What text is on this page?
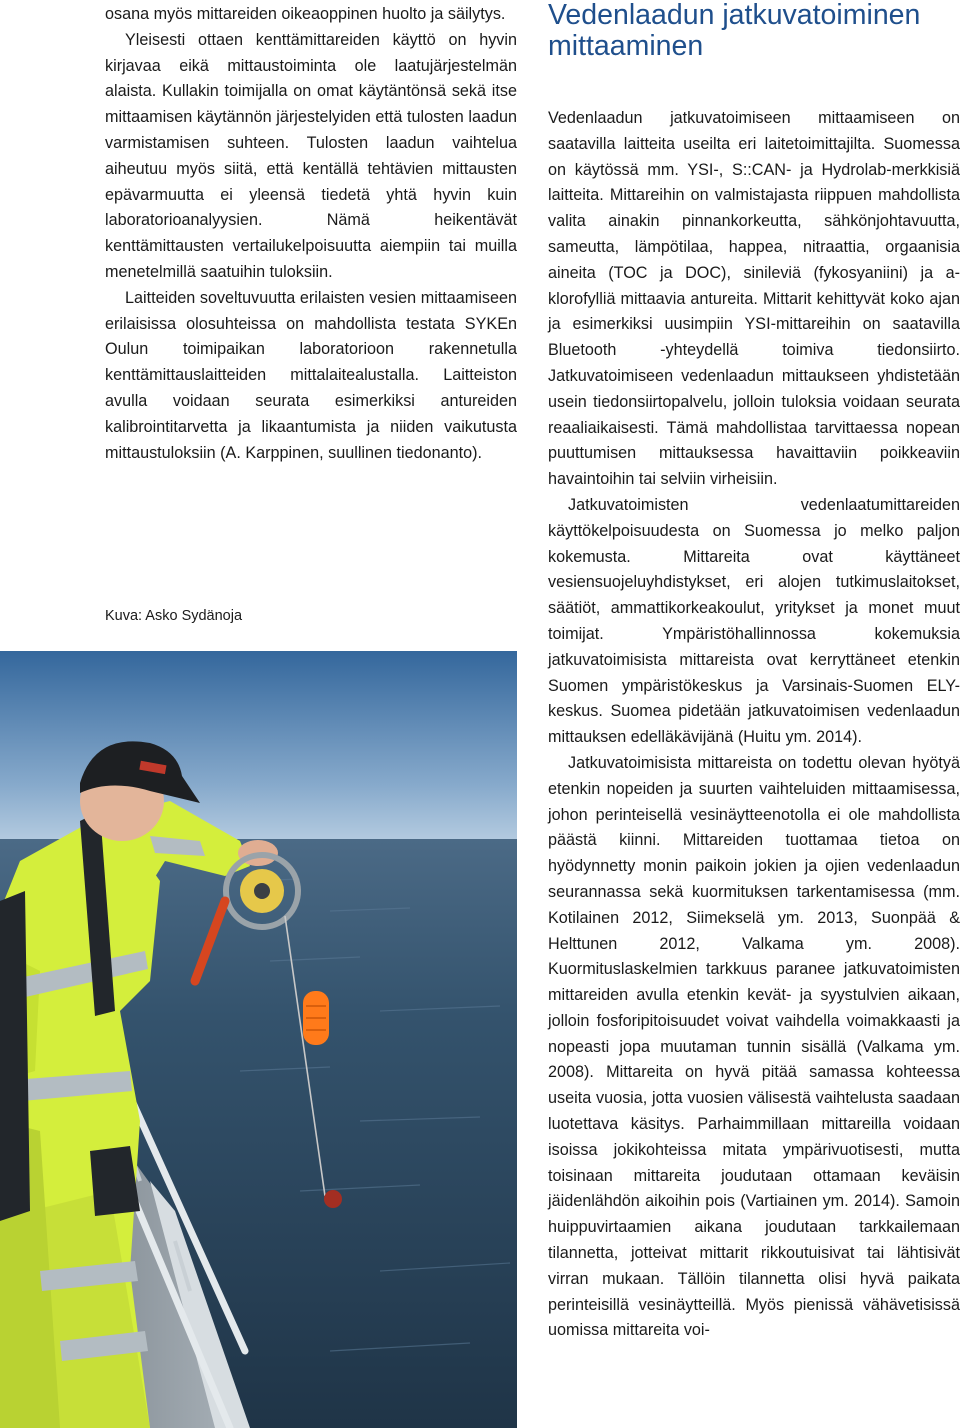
osana myös mittareiden oikeaoppinen huolto ja säilytys.

Yleisesti ottaen kenttämittareiden käyttö on hyvin kirjavaa eikä mittaustoiminta ole laatujärjestelmän alaista. Kullakin toimijalla on omat käytäntönsä sekä itse mittaamisen käytännön järjestelyiden että tulosten laadun varmistamisen suhteen. Tulosten laadun vaihtelua aiheutuu myös siitä, että kentällä tehtävien mittausten epävarmuutta ei yleensä tiedetä yhtä hyvin kuin laboratorioanalyysien. Nämä heikentävät kenttämittausten vertailukelpoisuutta aiempiin tai muilla menetelmillä saatuihin tuloksiin.

Laitteiden soveltuvuutta erilaisten vesien mittaamiseen erilaisissa olosuhteissa on mahdollista testata SYKEn Oulun toimipaikan laboratorioon rakennetulla kenttämittauslaitteiden mittalaitealustalla. Laitteiston avulla voidaan seurata esimerkiksi antureiden kalibrointitarvetta ja likaantumista ja niiden vaikutusta mittaustuloksiin (A. Karppinen, suullinen tiedonanto).

Kuva: Asko Sydänoja
Vedenlaadun jatkuvatoiminen mittaaminen

Vedenlaadun jatkuvatoimiseen mittaamiseen on saatavilla laitteita useilta eri laitetoimittajilta. Suomessa on käytössä mm. YSI-, S::CAN- ja Hydrolab-merkkisiä laitteita. Mittareihin on valmistajasta riippuen mahdollista valita ainakin pinnankorkeutta, sähkönjohtavuutta, sameutta, lämpötilaa, happea, nitraattia, orgaanisia aineita (TOC ja DOC), sinileviä (fykosyaniini) ja a-klorofylliä mittaavia antureita. Mittarit kehittyvät koko ajan ja esimerkiksi uusimpiin YSI-mittareihin on saatavilla Bluetooth -yhteydellä toimiva tiedonsiirto. Jatkuvatoimiseen vedenlaadun mittaukseen yhdistetään usein tiedonsiirtopalvelu, jolloin tuloksia voidaan seurata reaaliaikaisesti. Tämä mahdollistaa tarvittaessa nopean puuttumisen mittauksessa havaittaviin poikkeaviin havaintoihin tai selviin virheisiin.

Jatkuvatoimisten vedenlaatumittareiden käyttökelpoisuudesta on Suomessa jo melko paljon kokemusta. Mittareita ovat käyttäneet vesiensuojeluyhdistykset, eri alojen tutkimuslaitokset, säätiöt, ammattikorkeakoulut, yritykset ja monet muut toimijat. Ympäristöhallinnossa kokemuksia jatkuvatoimisista mittareista ovat kerryttäneet etenkin Suomen ympäristökeskus ja Varsinais-Suomen ELY-keskus. Suomea pidetään jatkuvatoimisen vedenlaadun mittauksen edelläkävijänä (Huitu ym. 2014).

Jatkuvatoimisista mittareista on todettu olevan hyötyä etenkin nopeiden ja suurten vaihteluiden mittaamisessa, johon perinteisellä vesinäytteenotolla ei ole mahdollista päästä kiinni. Mittareiden tuottamaa tietoa on hyödynnetty monin paikoin jokien ja ojien vedenlaadun seurannassa sekä kuormituksen tarkentamisessa (mm. Kotilainen 2012, Siimekselä ym. 2013, Suonpää & Helttunen 2012, Valkama ym. 2008). Kuormituslaskelmien tarkkuus paranee jatkuvatoimisten mittareiden avulla etenkin kevät- ja syystulvien aikaan, jolloin fosforipitoisuudet voivat vaihdella voimakkaasti ja nopeasti jopa muutaman tunnin sisällä (Valkama ym. 2008). Mittareita on hyvä pitää samassa kohteessa useita vuosia, jotta vuosien välisestä vaihtelusta saadaan luotettava käsitys. Parhaimmillaan mittareilla voidaan isoissa jokikohteissa mitata ympärivuotisesti, mutta toisinaan mittareita joudutaan ottamaan keväisin jäidenlähdön aikoihin pois (Vartiainen ym. 2014). Samoin huippuvirtaamien aikana joudutaan tarkkailemaan tilannetta, jotteivat mittarit rikkoutuisivat tai lähtisivät virran mukaan. Tällöin tilannetta olisi hyvä paikata perinteisillä vesinäytteillä. Myös pienissä vähävetisissä uomissa mittareita voi-
